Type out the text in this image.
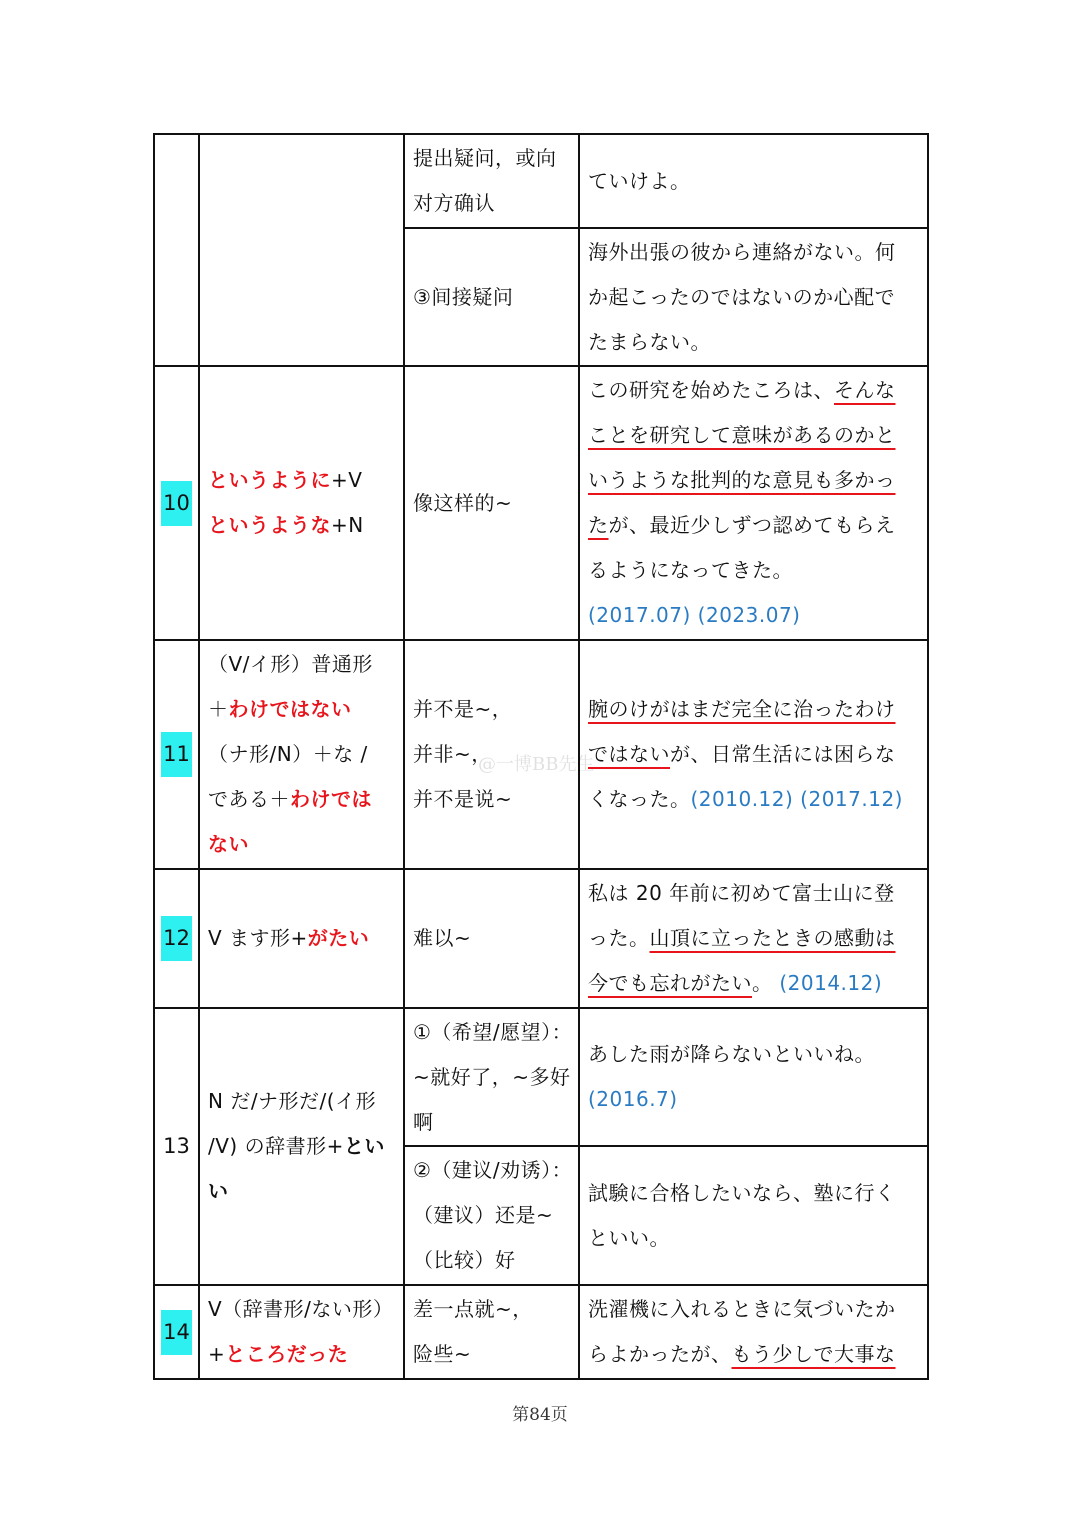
提出疑问，或向
对方确认
ていけよ。
③间接疑问
海外出張の彼から連絡がない。何
か起こったのではないのか心配で
たまらない。
10
というように+V
というような+N
像这样的~
この研究を始めたころは、そんな
ことを研究して意味があるのかと
いうような批判的な意見も多かっ
たが、最近少しずつ認めてもらえ
るようになってきた。
(2017.07) (2023.07)
11
（V/イ形）普通形
＋わけではない
（ナ形/N）＋な /
である＋わけでは
ない
并不是~，
并非~，
并不是说~
腕のけがはまだ完全に治ったわけ
ではないが、日常生活には困らな
くなった。(2010.12) (2017.12)
12 V ます形+がたい	难以~
私は 20 年前に初めて富士山に登
った。山頂に立ったときの感動は
今でも忘れがたい。 (2014.12)
13
N だ/ナ形だ/(イ形
/V) の辞書形+とい
い
①（希望/愿望）：
~就好了，~多好
啊
あした雨が降らないといいね。
(2016.7)
②（建议/劝诱）：
（建议）还是~
（比较）好
試験に合格したいなら、塾に行く
といい。
14
V（辞書形/ない形）
+ところだった
差一点就~，
险些~
洗濯機に入れるときに気づいたか
らよかったが、もう少しで大事な
@一博BB先生
第84页
